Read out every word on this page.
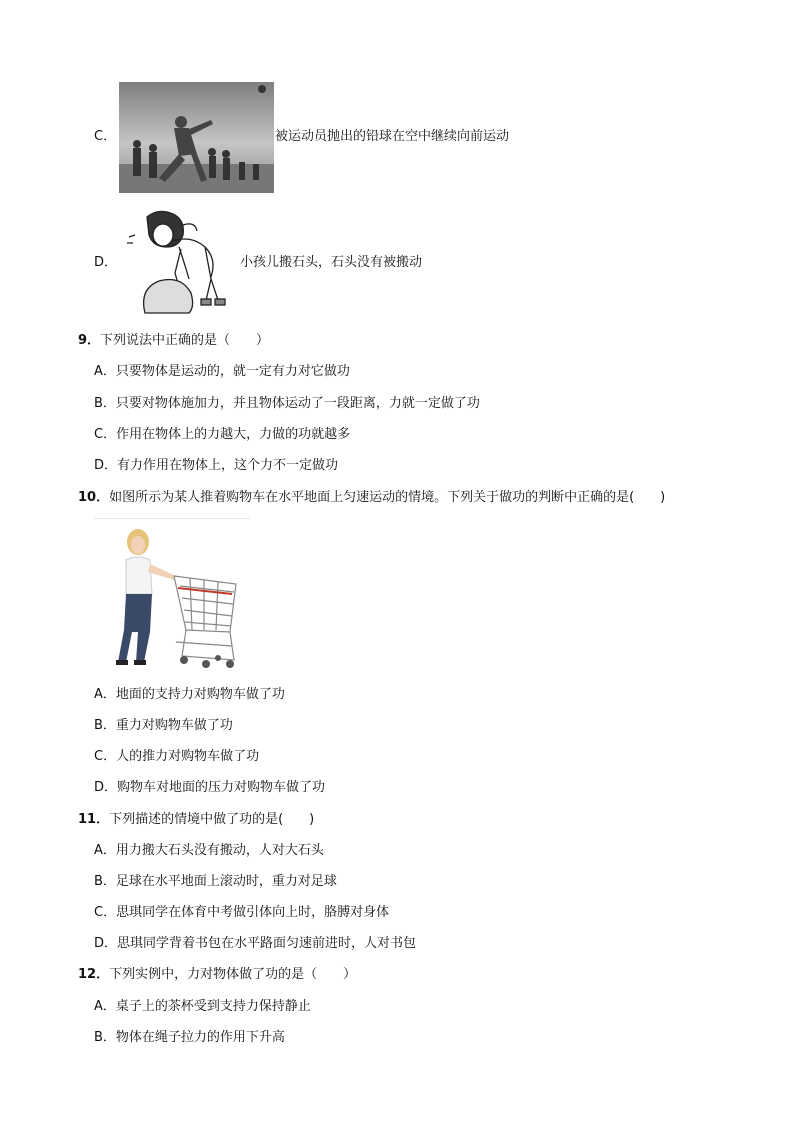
C．	被运动员抛出的铅球在空中继续向前运动
D．	小孩儿搬石头，石头没有被搬动
9．下列说法中正确的是（　　）
A．只要物体是运动的，就一定有力对它做功
B．只要对物体施加力，并且物体运动了一段距离，力就一定做了功
C．作用在物体上的力越大，力做的功就越多
D．有力作用在物体上，这个力不一定做功
10．如图所示为某人推着购物车在水平地面上匀速运动的情境。下列关于做功的判断中正确的是(　　)
A．地面的支持力对购物车做了功
B．重力对购物车做了功
C．人的推力对购物车做了功
D．购物车对地面的压力对购物车做了功
11．下列描述的情境中做了功的是(　　)
A．用力搬大石头没有搬动，人对大石头
B．足球在水平地面上滚动时，重力对足球
C．思琪同学在体育中考做引体向上时，胳膊对身体
D．思琪同学背着书包在水平路面匀速前进时，人对书包
12．下列实例中，力对物体做了功的是（　　）
A．桌子上的茶杯受到支持力保持静止
B．物体在绳子拉力的作用下升高
